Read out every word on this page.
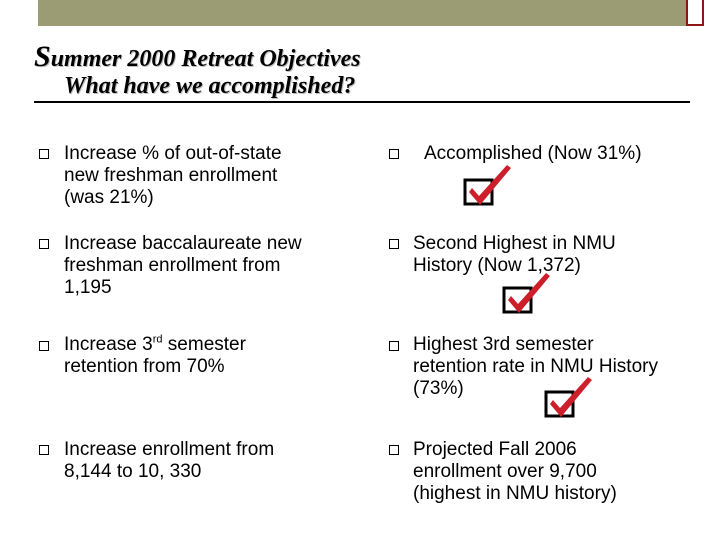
Summer 2000 Retreat Objectives
What have we accomplished?

Increase % of out-of-state
new freshman enrollment
(was 21%)

Accomplished (Now 31%)

Increase baccalaureate new
freshman enrollment from
1,195

Second Highest in NMU
History (Now 1,372)

Increase 3rd semester
retention from 70%

Highest 3rd semester
retention rate in NMU History
(73%)

Increase enrollment from
8,144 to 10, 330

Projected Fall 2006
enrollment over 9,700
(highest in NMU history)
